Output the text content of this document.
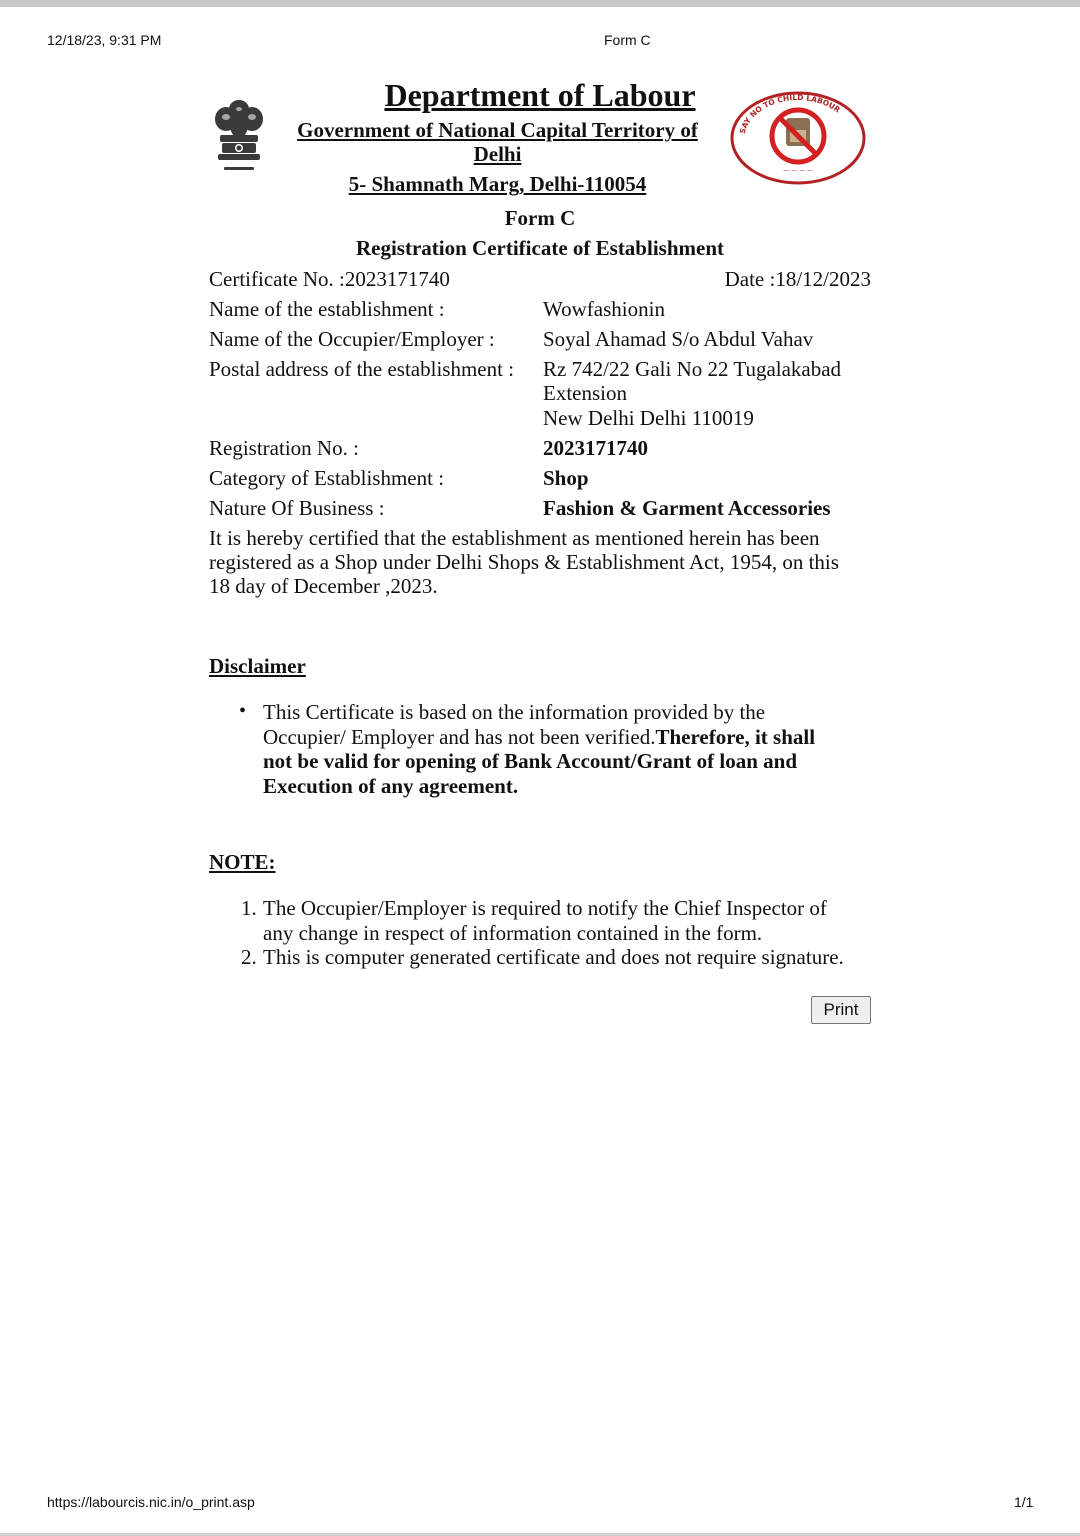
12/18/23, 9:31 PM	Form C
Department of Labour
Government of National Capital Territory of
Delhi
5- Shamnath Marg, Delhi-110054
Form C
Registration Certificate of Establishment
SAY NO TO CHILD LABOUR
— — — —
Certificate No. :2023171740	Date :18/12/2023
Name of the establishment :	Wowfashionin
Name of the Occupier/Employer : Soyal Ahamad S/o Abdul Vahav
Postal address of the establishment : Rz 742/22 Gali No 22 Tugalakabad
Extension
New Delhi Delhi 110019
Registration No. :	2023171740
Category of Establishment :	Shop
Nature Of Business :	Fashion & Garment Accessories
It is hereby certified that the establishment as mentioned herein has been
registered as a Shop under Delhi Shops & Establishment Act, 1954, on this
18 day of December ,2023.
Disclaimer
• This Certificate is based on the information provided by the
Occupier/ Employer and has not been verified.Therefore, it shall
not be valid for opening of Bank Account/Grant of loan and
Execution of any agreement.
NOTE:
1. The Occupier/Employer is required to notify the Chief Inspector of
any change in respect of information contained in the form.
2. This is computer generated certificate and does not require signature.
Print
https://labourcis.nic.in/o_print.asp	1/1
